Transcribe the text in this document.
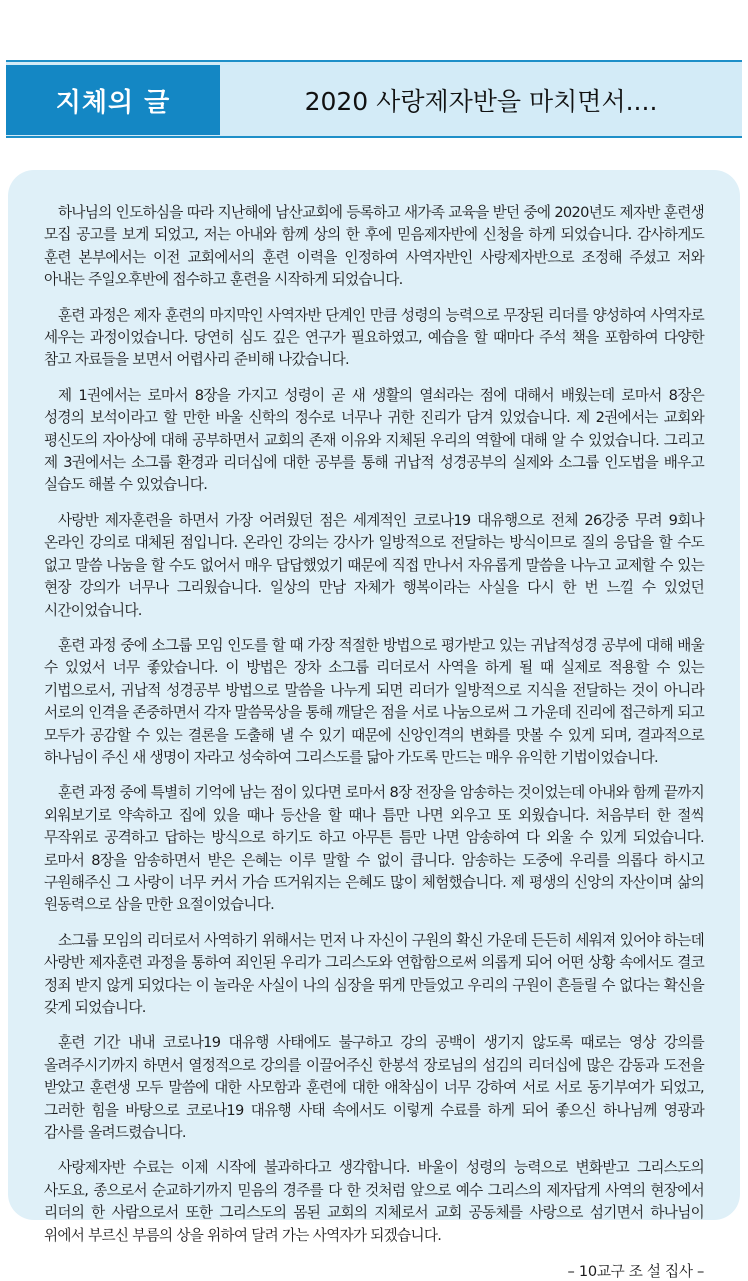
지체의 글	2020 사랑제자반을 마치면서....

하나님의 인도하심을 따라 지난해에 남산교회에 등록하고 새가족 교육을 받던 중에 2020년도 제자반 훈련생 모집 공고를 보게 되었고, 저는 아내와 함께 상의 한 후에 믿음제자반에 신청을 하게 되었습니다. 감사하게도 훈련 본부에서는 이전 교회에서의 훈련 이력을 인정하여 사역자반인 사랑제자반으로 조정해 주셨고 저와 아내는 주일오후반에 접수하고 훈련을 시작하게 되었습니다.

훈련 과정은 제자 훈련의 마지막인 사역자반 단계인 만큼 성령의 능력으로 무장된 리더를 양성하여 사역자로 세우는 과정이었습니다. 당연히 심도 깊은 연구가 필요하였고, 예습을 할 때마다 주석 책을 포함하여 다양한 참고 자료들을 보면서 어렵사리 준비해 나갔습니다.

제 1권에서는 로마서 8장을 가지고 성령이 곧 새 생활의 열쇠라는 점에 대해서 배웠는데 로마서 8장은 성경의 보석이라고 할 만한 바울 신학의 정수로 너무나 귀한 진리가 담겨 있었습니다. 제 2권에서는 교회와 평신도의 자아상에 대해 공부하면서 교회의 존재 이유와 지체된 우리의 역할에 대해 알 수 있었습니다. 그리고 제 3권에서는 소그룹 환경과 리더십에 대한 공부를 통해 귀납적 성경공부의 실제와 소그룹 인도법을 배우고 실습도 해볼 수 있었습니다.

사랑반 제자훈련을 하면서 가장 어려웠던 점은 세계적인 코로나19 대유행으로 전체 26강중 무려 9회나 온라인 강의로 대체된 점입니다. 온라인 강의는 강사가 일방적으로 전달하는 방식이므로 질의 응답을 할 수도 없고 말씀 나눔을 할 수도 없어서 매우 답답했었기 때문에 직접 만나서 자유롭게 말씀을 나누고 교제할 수 있는 현장 강의가 너무나 그리웠습니다. 일상의 만남 자체가 행복이라는 사실을 다시 한 번 느낄 수 있었던 시간이었습니다.

훈련 과정 중에 소그룹 모임 인도를 할 때 가장 적절한 방법으로 평가받고 있는 귀납적성경 공부에 대해 배울 수 있었서 너무 좋았습니다. 이 방법은 장차 소그룹 리더로서 사역을 하게 될 때 실제로 적용할 수 있는 기법으로서, 귀납적 성경공부 방법으로 말씀을 나누게 되면 리더가 일방적으로 지식을 전달하는 것이 아니라 서로의 인격을 존중하면서 각자 말씀묵상을 통해 깨달은 점을 서로 나눔으로써 그 가운데 진리에 접근하게 되고 모두가 공감할 수 있는 결론을 도출해 낼 수 있기 때문에 신앙인격의 변화를 맛볼 수 있게 되며, 결과적으로 하나님이 주신 새 생명이 자라고 성숙하여 그리스도를 닮아 가도록 만드는 매우 유익한 기법이었습니다.

훈련 과정 중에 특별히 기억에 남는 점이 있다면 로마서 8장 전장을 암송하는 것이었는데 아내와 함께 끝까지 외워보기로 약속하고 집에 있을 때나 등산을 할 때나 틈만 나면 외우고 또 외웠습니다. 처음부터 한 절씩 무작위로 공격하고 답하는 방식으로 하기도 하고 아무튼 틈만 나면 암송하여 다 외울 수 있게 되었습니다. 로마서 8장을 암송하면서 받은 은혜는 이루 말할 수 없이 큽니다. 암송하는 도중에 우리를 의롭다 하시고 구원해주신 그 사랑이 너무 커서 가슴 뜨거워지는 은혜도 많이 체험했습니다. 제 평생의 신앙의 자산이며 삶의 원동력으로 삼을 만한 요절이었습니다.

소그룹 모임의 리더로서 사역하기 위해서는 먼저 나 자신이 구원의 확신 가운데 든든히 세워져 있어야 하는데 사랑반 제자훈련 과정을 통하여 죄인된 우리가 그리스도와 연합함으로써 의롭게 되어 어떤 상황 속에서도 결코 정죄 받지 않게 되었다는 이 놀라운 사실이 나의 심장을 뛰게 만들었고 우리의 구원이 흔들릴 수 없다는 확신을 갖게 되었습니다.

훈련 기간 내내 코로나19 대유행 사태에도 불구하고 강의 공백이 생기지 않도록 때로는 영상 강의를 올려주시기까지 하면서 열정적으로 강의를 이끌어주신 한봉석 장로님의 섬김의 리더십에 많은 감동과 도전을 받았고 훈련생 모두 말씀에 대한 사모함과 훈련에 대한 애착심이 너무 강하여 서로 서로 동기부여가 되었고, 그러한 힘을 바탕으로 코로나19 대유행 사태 속에서도 이렇게 수료를 하게 되어 좋으신 하나님께 영광과 감사를 올려드렸습니다.

사랑제자반 수료는 이제 시작에 불과하다고 생각합니다. 바울이 성령의 능력으로 변화받고 그리스도의 사도요, 종으로서 순교하기까지 믿음의 경주를 다 한 것처럼 앞으로 예수 그리스의 제자답게 사역의 현장에서 리더의 한 사람으로서 또한 그리스도의 몸된 교회의 지체로서 교회 공동체를 사랑으로 섬기면서 하나님이 위에서 부르신 부름의 상을 위하여 달려 가는 사역자가 되겠습니다.

– 10교구 조 설 집사 –
